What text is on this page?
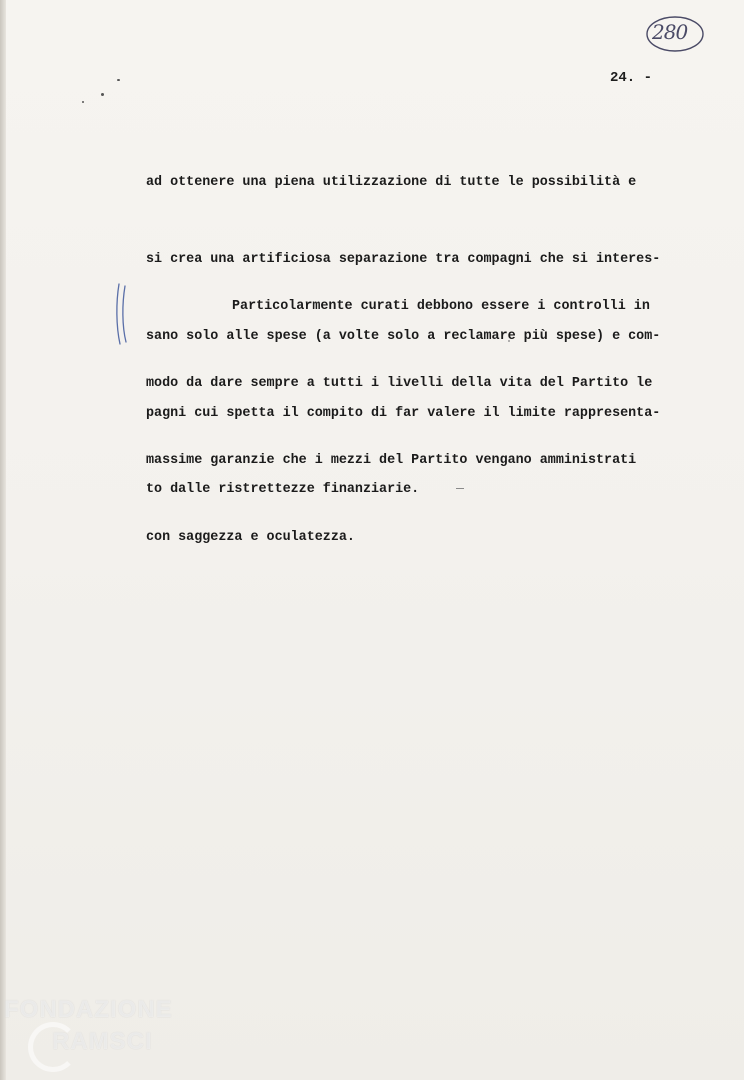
280
24. -

ad ottenere una piena utilizzazione di tutte le possibilità e

si crea una artificiosa separazione tra compagni che si interes-

sano solo alle spese (a volte solo a reclamare più spese) e com-

pagni cui spetta il compito di far valere il limite rappresenta-

to dalle ristrettezze finanziarie.

Particolarmente curati debbono essere i controlli in

modo da dare sempre a tutti i livelli della vita del Partito le

massime garanzie che i mezzi del Partito vengano amministrati

con saggezza e oculatezza.

FONDAZIONE
RAMSCI
